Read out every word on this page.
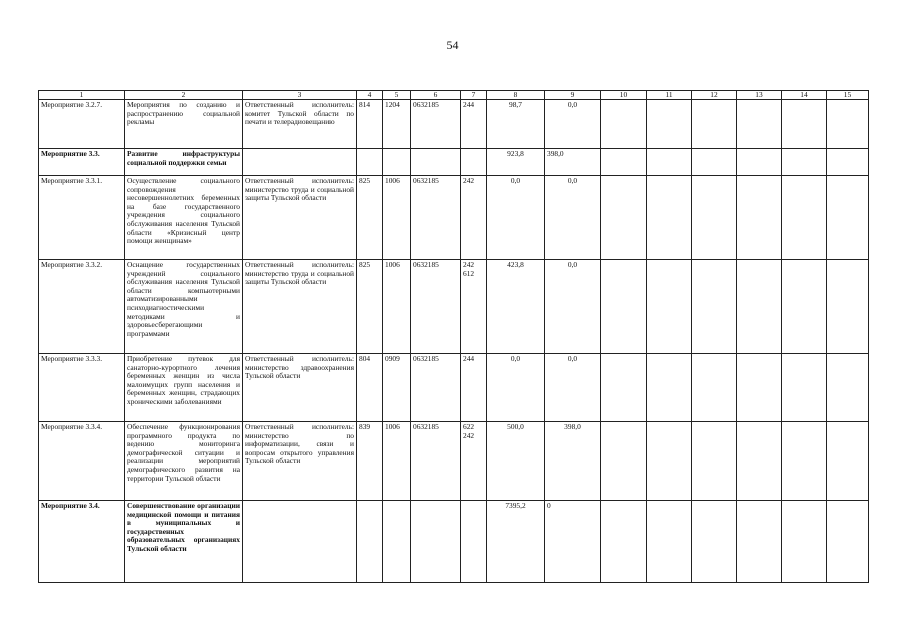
54
1	2	3	4	5	6	7	8	9	10	11	12	13	14	15
Мероприятие 3.2.7.	Мероприятия по созданию и распространению социальной рекламы	Ответственный исполнитель: комитет Тульской области по печати и телерадиовещанию	814	1204	0632185	244	98,7	0,0						
Мероприятие 3.3.	Развитие инфраструктуры социальной поддержки семьи						923,8	398,0						
Мероприятие 3.3.1.	Осуществление социального сопровождения несовершеннолетних беременных на базе государственного учреждения социального обслуживания населения Тульской области «Кризисный центр помощи женщинам»	Ответственный исполнитель: министерство труда и социальной защиты Тульской области	825	1006	0632185	242	0,0	0,0						
Мероприятие 3.3.2.	Оснащение государственных учреждений социального обслуживания населения Тульской области компьютерными автоматизированными психодиагностическими методиками и здоровьесберегающими программами	Ответственный исполнитель: министерство труда и социальной защиты Тульской области	825	1006	0632185	242 612	423,8	0,0						
Мероприятие 3.3.3.	Приобретение путевок для санаторно-курортного лечения беременных женщин из числа малоимущих групп населения и беременных женщин, страдающих хроническими заболеваниями	Ответственный исполнитель: министерство здравоохранения Тульской области	804	0909	0632185	244	0,0	0,0						
Мероприятие 3.3.4.	Обеспечение функционирования программного продукта по ведению мониторинга демографической ситуации и реализации мероприятий демографического развития на территории Тульской области	Ответственный исполнитель: министерство по информатизации, связи и вопросам открытого управления Тульской области	839	1006	0632185	622 242	500,0	398,0						
Мероприятие 3.4.	Совершенствование организации медицинской помощи и питания в муниципальных и государственных образовательных организациях Тульской области						7395,2	0						
